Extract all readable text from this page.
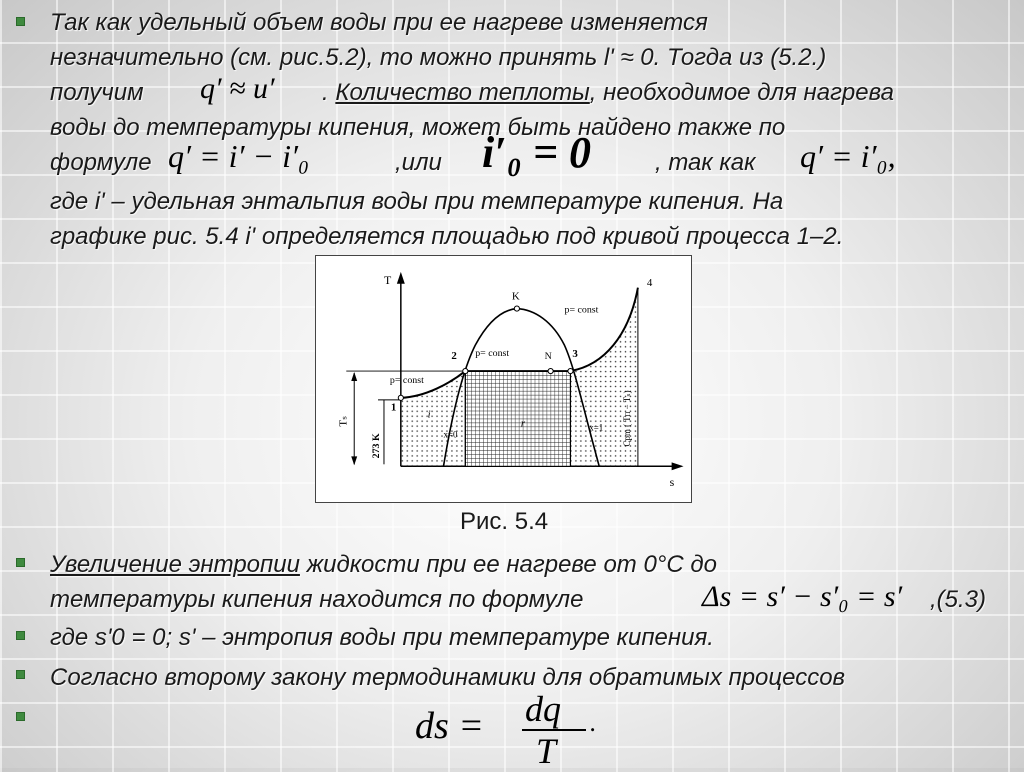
Так как удельный объем воды при ее нагреве изменяется

незначительно (см. рис.5.2), то можно принять l' ≈ 0. Тогда из (5.2.)

получим q′ ≈ u′ . Количество теплоты, необходимое для нагрева

воды до температуры кипения, может быть найдено также по

формуле q′ = i′ − i′₀	,или i′₀ = 0	, так как q′ = i′₀,

где i' – удельная энтальпия воды при температуре кипения. На

графике рис. 5.4 i' определяется площадью под кривой процесса 1–2.

T
s
K
4
p= const
2 p= const	N 3
p= const
1
i
r
x=0
x=1
Tₛ
273 K	Cpm ( Tп − Tₛ)
Рис. 5.4
Увеличение энтропии жидкости при ее нагреве от 0°С до
температуры кипения находится по формуле	Δs = s′ − s′₀ = s′ ,(5.3)

где s'0 = 0; s' – энтропия воды при температуре кипения.

Согласно второму закону термодинамики для обратимых процессов

ds = dq
T
.
